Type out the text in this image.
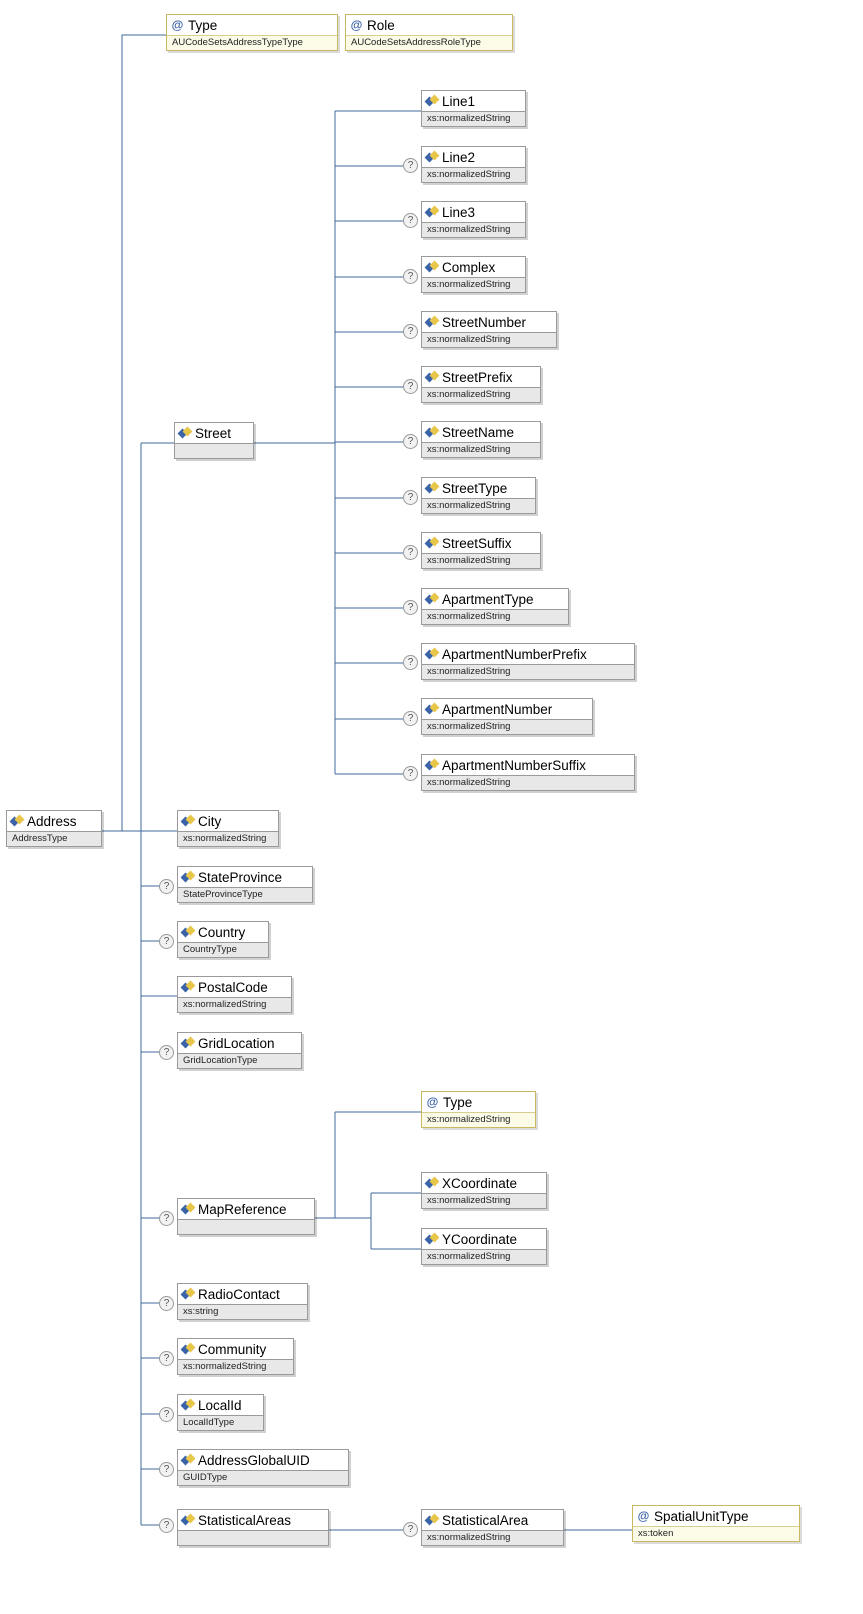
Address
AddressType
@ Type
AUCodeSetsAddressTypeType
@ Role
AUCodeSetsAddressRoleType
Street

Line1
xs:normalizedString
?
Line2
xs:normalizedString
?
Line3
xs:normalizedString
?
Complex
xs:normalizedString
?
StreetNumber
xs:normalizedString
?
StreetPrefix
xs:normalizedString
?
StreetName
xs:normalizedString
?
StreetType
xs:normalizedString
?
StreetSuffix
xs:normalizedString
?
ApartmentType
xs:normalizedString
?
ApartmentNumberPrefix
xs:normalizedString
?
ApartmentNumber
xs:normalizedString
?
ApartmentNumberSuffix
xs:normalizedString
City
xs:normalizedString
?
StateProvince
StateProvinceType
?
Country
CountryType
PostalCode
xs:normalizedString
?
GridLocation
GridLocationType
?
MapReference

@ Type
xs:normalizedString
XCoordinate
xs:normalizedString
YCoordinate
xs:normalizedString
?
RadioContact
xs:string
?
Community
xs:normalizedString
?
LocalId
LocalIdType
?
AddressGlobalUID
GUIDType
?	StatisticalAreas

?
StatisticalArea
xs:normalizedString
@ SpatialUnitType
xs:token
